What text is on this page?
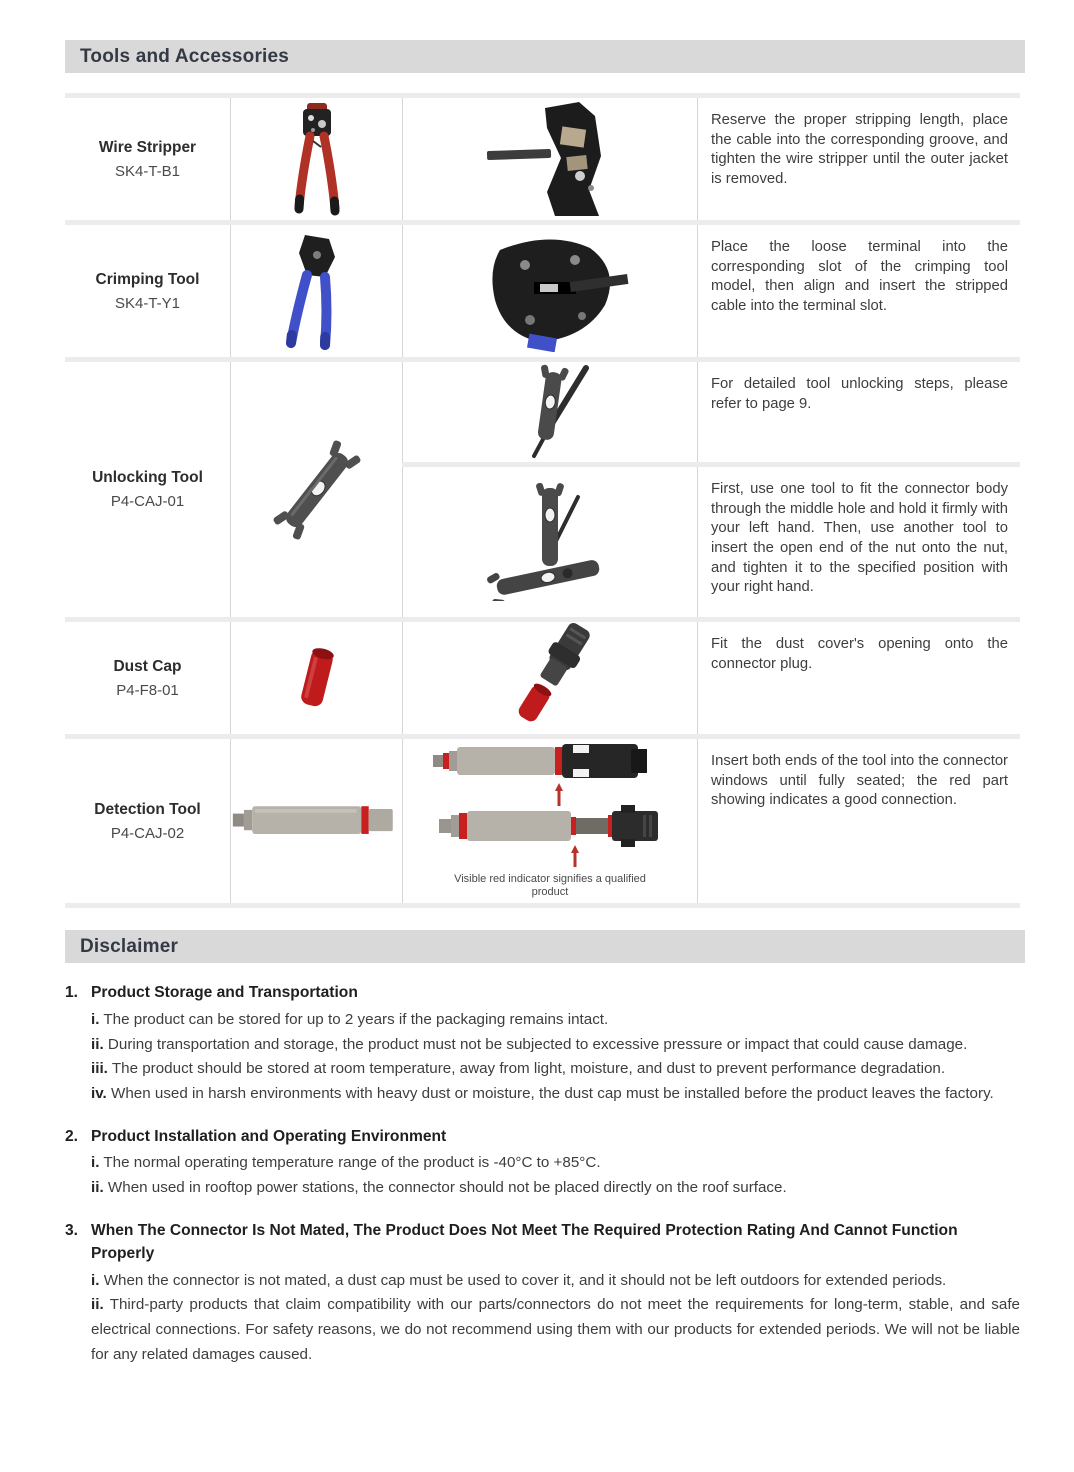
Tools and Accessories
Wire Stripper
SK4-T-B1
Reserve the proper stripping length, place the cable into the corresponding groove, and tighten the wire stripper until the outer jacket is removed.
Crimping Tool
SK4-T-Y1
Place the loose terminal into the corresponding slot of the crimping tool model, then align and insert the stripped cable into the terminal slot.
Unlocking Tool
P4-CAJ-01
For detailed tool unlocking steps, please refer to page 9.
First, use one tool to fit the connector body through the middle hole and hold it firmly with your left hand. Then, use another tool to insert the open end of the nut onto the nut, and tighten it to the specified position with your right hand.
Dust Cap
P4-F8-01
Fit the dust cover's opening onto the connector plug.
Detection Tool
P4-CAJ-02
Visible red indicator signifies a qualified product
Insert both ends of the tool into the connector windows until fully seated; the red part showing indicates a good connection.
Disclaimer
1. Product Storage and Transportation

i. The product can be stored for up to 2 years if the packaging remains intact.

ii. During transportation and storage, the product must not be subjected to excessive pressure or impact that could cause damage.

iii. The product should be stored at room temperature, away from light, moisture, and dust to prevent performance degradation.

iv. When used in harsh environments with heavy dust or moisture, the dust cap must be installed before the product leaves the factory.

2. Product Installation and Operating Environment

i. The normal operating temperature range of the product is -40°C to +85°C.

ii. When used in rooftop power stations, the connector should not be placed directly on the roof surface.

3. When The Connector Is Not Mated, The Product Does Not Meet The Required Protection Rating And Cannot Function Properly

i. When the connector is not mated, a dust cap must be used to cover it, and it should not be left outdoors for extended periods.

ii. Third-party products that claim compatibility with our parts/connectors do not meet the requirements for long-term, stable, and safe electrical connections. For safety reasons, we do not recommend using them with our products for extended periods. We will not be liable for any related damages caused.
